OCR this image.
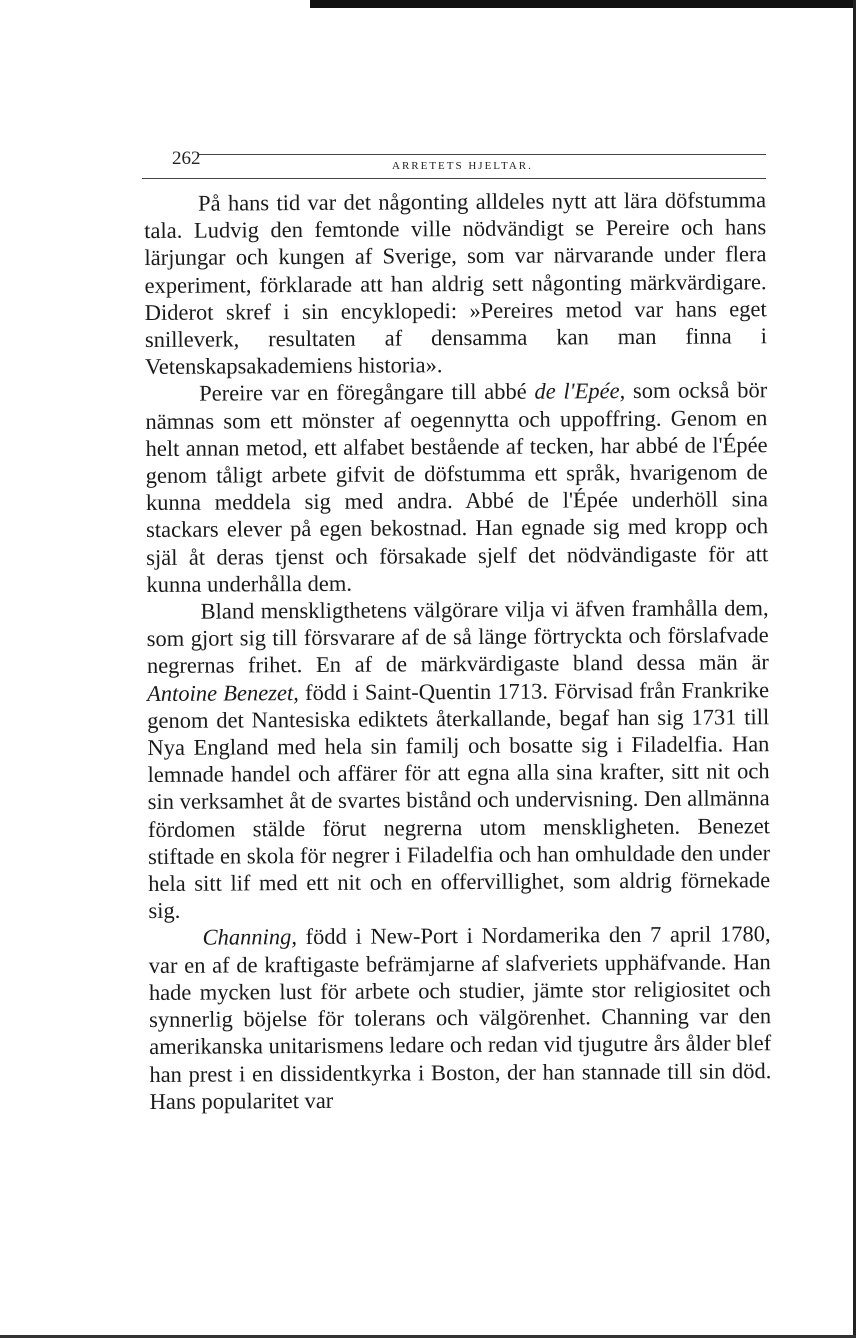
262	ARRETETS HJELTAR.

På hans tid var det någonting alldeles nytt att lära döfstumma tala. Ludvig den femtonde ville nödvändigt se Pereire och hans lärjungar och kungen af Sverige, som var närvarande under flera experiment, förklarade att han aldrig sett någonting märkvärdigare. Diderot skref i sin encyklopedi: »Pereires metod var hans eget snilleverk, resultaten af densamma kan man finna i Vetenskapsakademiens historia».

Pereire var en föregångare till abbé de l'Epée, som också bör nämnas som ett mönster af oegennytta och uppoffring. Genom en helt annan metod, ett alfabet bestående af tecken, har abbé de l'Épée genom tåligt arbete gifvit de döfstumma ett språk, hvarigenom de kunna meddela sig med andra. Abbé de l'Épée underhöll sina stackars elever på egen bekostnad. Han egnade sig med kropp och själ åt deras tjenst och försakade sjelf det nödvändigaste för att kunna underhålla dem.

Bland menskligthetens välgörare vilja vi äfven framhålla dem, som gjort sig till försvarare af de så länge förtryckta och förslafvade negrernas frihet. En af de märkvärdigaste bland dessa män är Antoine Benezet, född i Saint-Quentin 1713. Förvisad från Frankrike genom det Nantesiska ediktets återkallande, begaf han sig 1731 till Nya England med hela sin familj och bosatte sig i Filadelfia. Han lemnade handel och affärer för att egna alla sina krafter, sitt nit och sin verksamhet åt de svartes bistånd och undervisning. Den allmänna fördomen stälde förut negrerna utom menskligheten. Benezet stiftade en skola för negrer i Filadelfia och han omhuldade den under hela sitt lif med ett nit och en offervillighet, som aldrig förnekade sig.

Channing, född i New-Port i Nordamerika den 7 april 1780, var en af de kraftigaste befrämjarne af slafveriets upphäfvande. Han hade mycken lust för arbete och studier, jämte stor religiositet och synnerlig böjelse för tolerans och välgörenhet. Channing var den amerikanska unitarismens ledare och redan vid tjugutre års ålder blef han prest i en dissidentkyrka i Boston, der han stannade till sin död. Hans popularitet var
